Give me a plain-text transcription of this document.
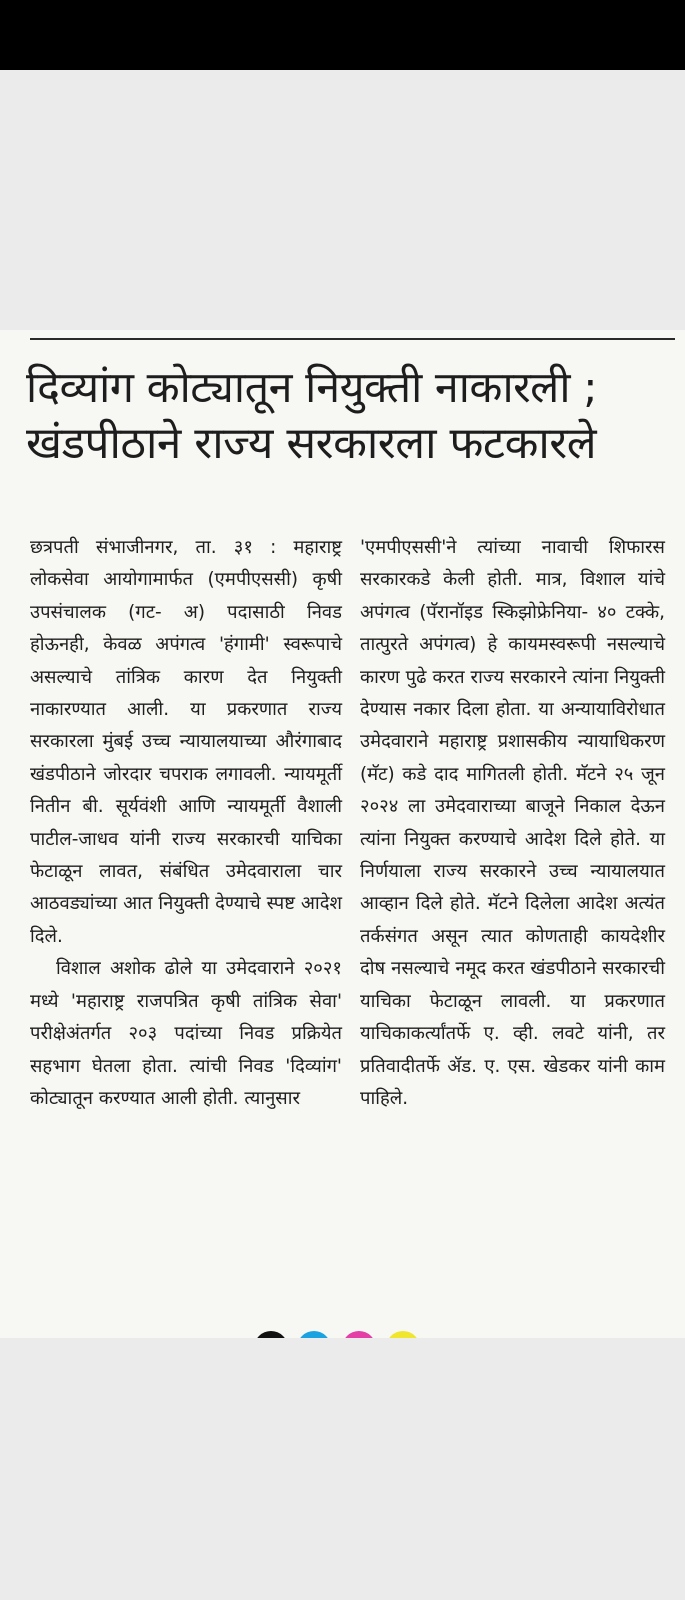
दिव्यांग कोट्यातून नियुक्ती नाकारली ;
खंडपीठाने राज्य सरकारला फटकारले

छत्रपती संभाजीनगर, ता. ३१ : महाराष्ट्र लोकसेवा आयोगामार्फत (एमपीएससी) कृषी उपसंचालक (गट- अ) पदासाठी निवड होऊनही, केवळ अपंगत्व 'हंगामी' स्वरूपाचे असल्याचे तांत्रिक कारण देत नियुक्ती नाकारण्यात आली. या प्रकरणात राज्य सरकारला मुंबई उच्च न्यायालयाच्या औरंगाबाद खंडपीठाने जोरदार चपराक लगावली. न्यायमूर्ती नितीन बी. सूर्यवंशी आणि न्यायमूर्ती वैशाली पाटील-जाधव यांनी राज्य सरकारची याचिका फेटाळून लावत, संबंधित उमेदवाराला चार आठवड्यांच्या आत नियुक्ती देण्याचे स्पष्ट आदेश दिले.

विशाल अशोक ढोले या उमेदवाराने २०२१ मध्ये 'महाराष्ट्र राजपत्रित कृषी तांत्रिक सेवा' परीक्षेअंतर्गत २०३ पदांच्या निवड प्रक्रियेत सहभाग घेतला होता. त्यांची निवड 'दिव्यांग' कोट्यातून करण्यात आली होती. त्यानुसार

'एमपीएससी'ने त्यांच्या नावाची शिफारस सरकारकडे केली होती. मात्र, विशाल यांचे अपंगत्व (पॅरानॉइड स्किझोफ्रेनिया- ४० टक्के, तात्पुरते अपंगत्व) हे कायमस्वरूपी नसल्याचे कारण पुढे करत राज्य सरकारने त्यांना नियुक्ती देण्यास नकार दिला होता. या अन्यायाविरोधात उमेदवाराने महाराष्ट्र प्रशासकीय न्यायाधिकरण (मॅट) कडे दाद मागितली होती. मॅटने २५ जून २०२४ ला उमेदवाराच्या बाजूने निकाल देऊन त्यांना नियुक्त करण्याचे आदेश दिले होते. या निर्णयाला राज्य सरकारने उच्च न्यायालयात आव्हान दिले होते. मॅटने दिलेला आदेश अत्यंत तर्कसंगत असून त्यात कोणताही कायदेशीर दोष नसल्याचे नमूद करत खंडपीठाने सरकारची याचिका फेटाळून लावली. या प्रकरणात याचिकाकर्त्यांतर्फे ए. व्ही. लवटे यांनी, तर प्रतिवादीतर्फे ॲड. ए. एस. खेडकर यांनी काम पाहिले.
